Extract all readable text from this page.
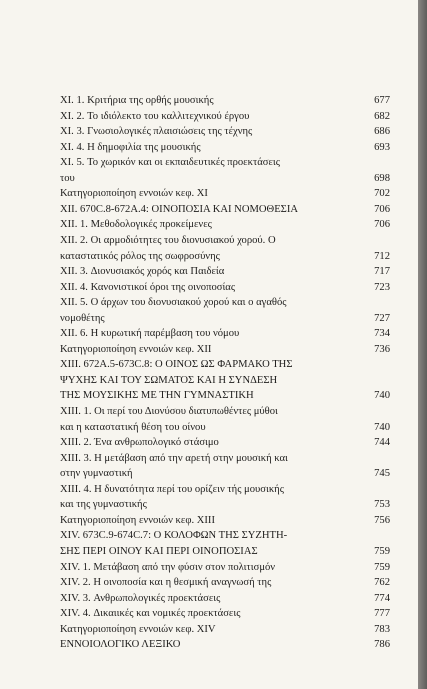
XI. 1. Κριτήρια της ορθής μουσικής	677
XI. 2. Το ιδιόλεκτο του καλλιτεχνικού έργου	682
XI. 3. Γνωσιολογικές πλαισιώσεις της τέχνης	686
XI. 4. Η δημοφιλία της μουσικής	693
XI. 5. Το χωρικόν και οι εκπαιδευτικές προεκτάσεις
του	698
Κατηγοριοποίηση εννοιών κεφ. XI	702
XII. 670C.8-672A.4: ΟΙΝΟΠΟΣΙΑ ΚΑΙ ΝΟΜΟΘΕΣΙΑ	706
XII. 1. Μεθοδολογικές προκείμενες	706
XII. 2. Οι αρμοδιότητες του διονυσιακού χορού. Ο
καταστατικός ρόλος της σωφροσύνης	712
XII. 3. Διονυσιακός χορός και Παιδεία	717
XII. 4. Κανονιστικοί όροι της οινοποσίας	723
XII. 5. Ο άρχων του διονυσιακού χορού και ο αγαθός
νομοθέτης	727
XII. 6. Η κυρωτική παρέμβαση του νόμου	734
Κατηγοριοποίηση εννοιών κεφ. XII	736
XIII. 672A.5-673C.8: Ο ΟΙΝΟΣ ΩΣ ΦΑΡΜΑΚΟ ΤΗΣ
ΨΥΧΗΣ ΚΑΙ ΤΟΥ ΣΩΜΑΤΟΣ ΚΑΙ Η ΣΥΝΔΕΣΗ
ΤΗΣ ΜΟΥΣΙΚΗΣ ΜΕ ΤΗΝ ΓΥΜΝΑΣΤΙΚΗ	740
XIII. 1. Οι περί του Διονύσου διατυπωθέντες μύθοι
και η καταστατική θέση του οίνου	740
XIII. 2. Ένα ανθρωπολογικό στάσιμο	744
XIII. 3. Η μετάβαση από την αρετή στην μουσική και
στην γυμναστική	745
XIII. 4. Η δυνατότητα περί του ορίζειν τής μουσικής
και της γυμναστικής	753
Κατηγοριοποίηση εννοιών κεφ. XIII	756
XIV. 673C.9-674C.7: Ο ΚΟΛΟΦΩΝ ΤΗΣ ΣΥΖΗΤΗ-
ΣΗΣ ΠΕΡΙ ΟΙΝΟΥ ΚΑΙ ΠΕΡΙ ΟΙΝΟΠΟΣΙΑΣ	759
XIV. 1. Μετάβαση από την φύσιν στον πολιτισμόν	759
XIV. 2. Η οινοποσία και η θεσμική αναγνωσή της	762
XIV. 3. Ανθρωπολογικές προεκτάσεις	774
XIV. 4. Δικαιικές και νομικές προεκτάσεις	777
Κατηγοριοποίηση εννοιών κεφ. XIV	783
ΕΝΝΟΙΟΛΟΓΙΚΟ ΛΕΞΙΚΟ	786
